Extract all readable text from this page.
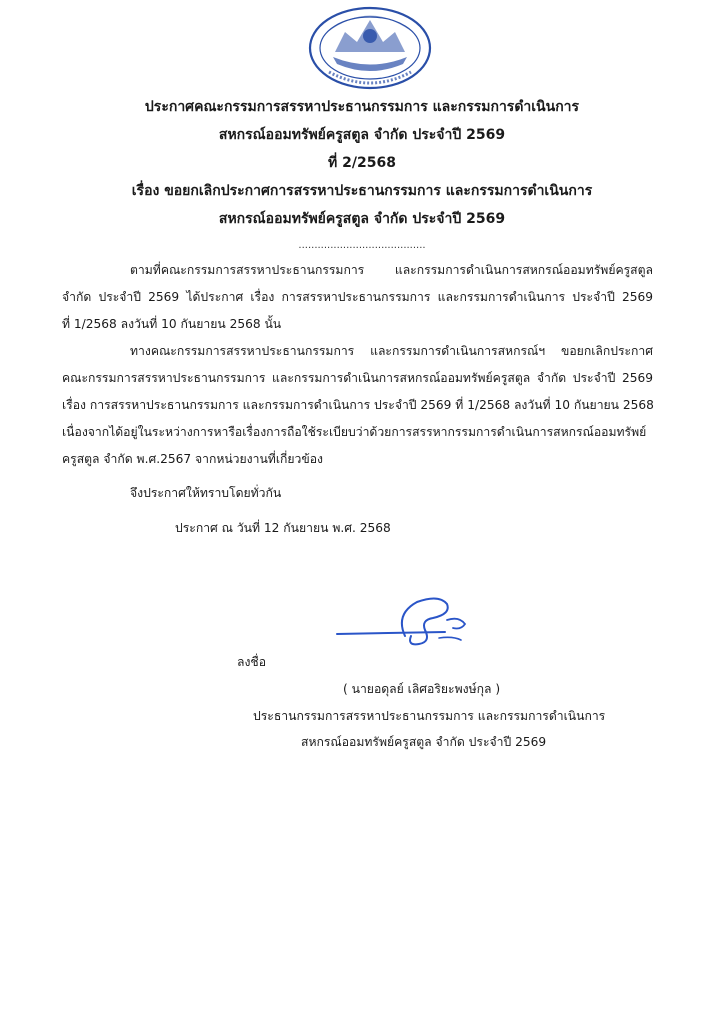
ประกาศคณะกรรมการสรรหาประธานกรรมการ และกรรมการดำเนินการ
สหกรณ์ออมทรัพย์ครูสตูล จำกัด ประจำปี 2569
ที่ 2/2568
เรื่อง ขอยกเลิกประกาศการสรรหาประธานกรรมการ และกรรมการดำเนินการ
สหกรณ์ออมทรัพย์ครูสตูล จำกัด ประจำปี 2569
........................................
ตามที่คณะกรรมการสรรหาประธานกรรมการ และกรรมการดำเนินการสหกรณ์ออมทรัพย์ครูสตูล
จำกัด ประจำปี 2569 ได้ประกาศ เรื่อง การสรรหาประธานกรรมการ และกรรมการดำเนินการ ประจำปี 2569
ที่ 1/2568 ลงวันที่ 10 กันยายน 2568 นั้น
ทางคณะกรรมการสรรหาประธานกรรมการ และกรรมการดำเนินการสหกรณ์ฯ ขอยกเลิกประกาศ
คณะกรรมการสรรหาประธานกรรมการ และกรรมการดำเนินการสหกรณ์ออมทรัพย์ครูสตูล จำกัด ประจำปี 2569
เรื่อง การสรรหาประธานกรรมการ และกรรมการดำเนินการ ประจำปี 2569 ที่ 1/2568 ลงวันที่ 10 กันยายน 2568
เนื่องจากได้อยู่ในระหว่างการหารือเรื่องการถือใช้ระเบียบว่าด้วยการสรรหากรรมการดำเนินการสหกรณ์ออมทรัพย์
ครูสตูล จำกัด พ.ศ.2567 จากหน่วยงานที่เกี่ยวข้อง
จึงประกาศให้ทราบโดยทั่วกัน
ประกาศ ณ วันที่ 12 กันยายน พ.ศ. 2568
ลงชื่อ
( นายอดุลย์ เลิศอริยะพงษ์กุล )
ประธานกรรมการสรรหาประธานกรรมการ และกรรมการดำเนินการ
สหกรณ์ออมทรัพย์ครูสตูล จำกัด ประจำปี 2569
